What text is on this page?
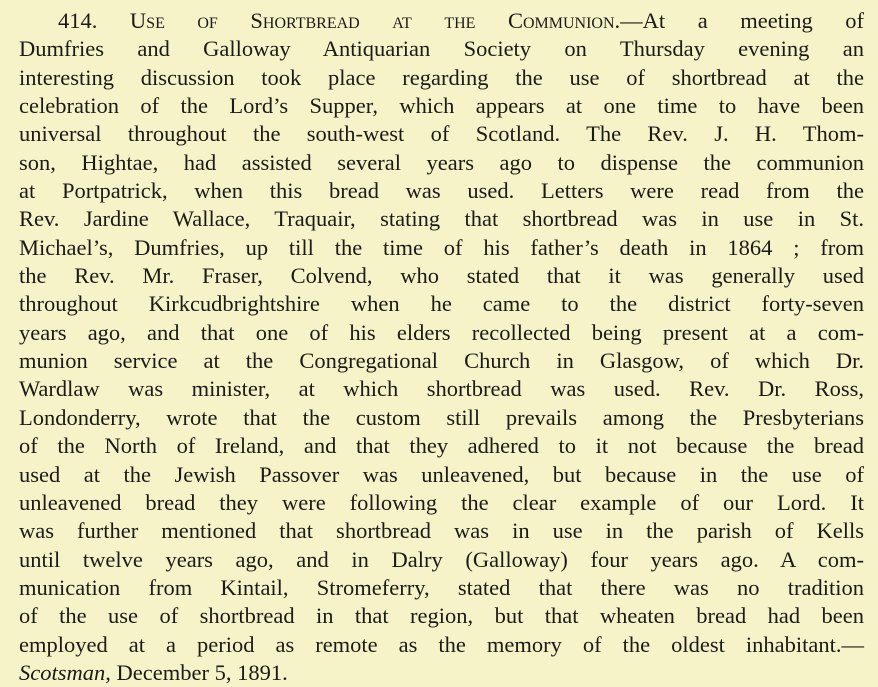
414. Use of Shortbread at the Communion.—At a meeting of
Dumfries and Galloway Antiquarian Society on Thursday evening an
interesting discussion took place regarding the use of shortbread at the
celebration of the Lord’s Supper, which appears at one time to have been
universal throughout the south-west of Scotland. The Rev. J. H. Thom-
son, Hightae, had assisted several years ago to dispense the communion
at Portpatrick, when this bread was used. Letters were read from the
Rev. Jardine Wallace, Traquair, stating that shortbread was in use in St.
Michael’s, Dumfries, up till the time of his father’s death in 1864 ; from
the Rev. Mr. Fraser, Colvend, who stated that it was generally used
throughout Kirkcudbrightshire when he came to the district forty-seven
years ago, and that one of his elders recollected being present at a com-
munion service at the Congregational Church in Glasgow, of which Dr.
Wardlaw was minister, at which shortbread was used. Rev. Dr. Ross,
Londonderry, wrote that the custom still prevails among the Presbyterians
of the North of Ireland, and that they adhered to it not because the bread
used at the Jewish Passover was unleavened, but because in the use of
unleavened bread they were following the clear example of our Lord. It
was further mentioned that shortbread was in use in the parish of Kells
until twelve years ago, and in Dalry (Galloway) four years ago. A com-
munication from Kintail, Stromeferry, stated that there was no tradition
of the use of shortbread in that region, but that wheaten bread had been
employed at a period as remote as the memory of the oldest inhabitant.—
Scotsman, December 5, 1891.
